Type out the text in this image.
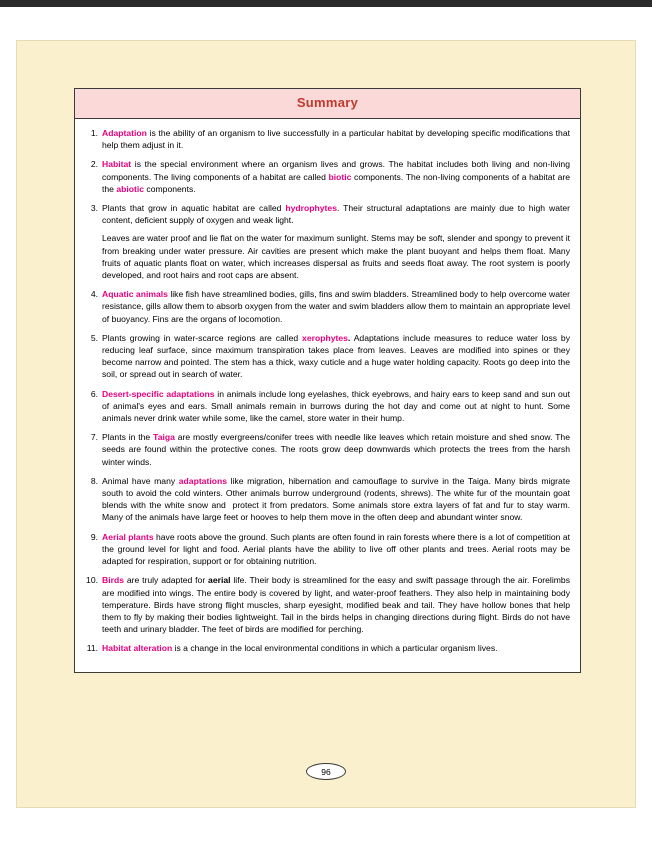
Summary
1. Adaptation is the ability of an organism to live successfully in a particular habitat by developing specific modifications that help them adjust in it.
2. Habitat is the special environment where an organism lives and grows. The habitat includes both living and non-living components. The living components of a habitat are called biotic components. The non-living components of a habitat are the abiotic components.
3. Plants that grow in aquatic habitat are called hydrophytes. Their structural adaptations are mainly due to high water content, deficient supply of oxygen and weak light.
Leaves are water proof and lie flat on the water for maximum sunlight. Stems may be soft, slender and spongy to prevent it from breaking under water pressure. Air cavities are present which make the plant buoyant and helps them float. Many fruits of aquatic plants float on water, which increases dispersal as fruits and seeds float away. The root system is poorly developed, and root hairs and root caps are absent.
4. Aquatic animals like fish have streamlined bodies, gills, fins and swim bladders. Streamlined body to help overcome water resistance, gills allow them to absorb oxygen from the water and swim bladders allow them to maintain an appropriate level of buoyancy. Fins are the organs of locomotion.
5. Plants growing in water-scarce regions are called xerophytes. Adaptations include measures to reduce water loss by reducing leaf surface, since maximum transpiration takes place from leaves. Leaves are modified into spines or they become narrow and pointed. The stem has a thick, waxy cuticle and a huge water holding capacity. Roots go deep into the soil, or spread out in search of water.
6. Desert-specific adaptations in animals include long eyelashes, thick eyebrows, and hairy ears to keep sand and sun out of animal's eyes and ears. Small animals remain in burrows during the hot day and come out at night to hunt. Some animals never drink water while some, like the camel, store water in their hump.
7. Plants in the Taiga are mostly evergreens/conifer trees with needle like leaves which retain moisture and shed snow. The seeds are found within the protective cones. The roots grow deep downwards which protects the trees from the harsh winter winds.
8. Animal have many adaptations like migration, hibernation and camouflage to survive in the Taiga. Many birds migrate south to avoid the cold winters. Other animals burrow underground (rodents, shrews). The white fur of the mountain goat blends with the white snow and  protect it from predators. Some animals store extra layers of fat and fur to stay warm. Many of the animals have large feet or hooves to help them move in the often deep and abundant winter snow.
9. Aerial plants have roots above the ground. Such plants are often found in rain forests where there is a lot of competition at the ground level for light and food. Aerial plants have the ability to live off other plants and trees. Aerial roots may be adapted for respiration, support or for obtaining nutrition.
10. Birds are truly adapted for aerial life. Their body is streamlined for the easy and swift passage through the air. Forelimbs are modified into wings. The entire body is covered by light, and water-proof feathers. They also help in maintaining body temperature. Birds have strong flight muscles, sharp eyesight, modified beak and tail. They have hollow bones that help them to fly by making their bodies lightweight. Tail in the birds helps in changing directions during flight. Birds do not have teeth and urinary bladder. The feet of birds are modified for perching.
11. Habitat alteration is a change in the local environmental conditions in which a particular organism lives.
96
